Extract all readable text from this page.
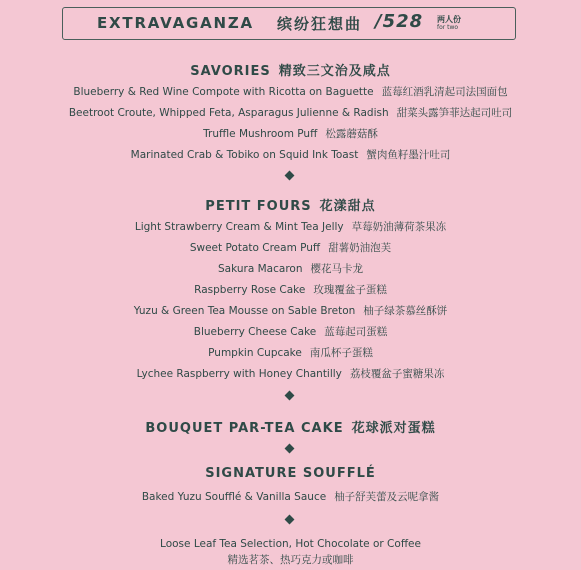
EXTRAVAGANZA 缤纷狂想曲 /528 两人份
for two
SAVORIES 精致三文治及咸点
Blueberry & Red Wine Compote with Ricotta on Baguette 蓝莓红酒乳清起司法国面包
Beetroot Croute, Whipped Feta, Asparagus Julienne & Radish 甜菜头露笋菲达起司吐司
Truffle Mushroom Puff 松露蘑菇酥
Marinated Crab & Tobiko on Squid Ink Toast 蟹肉鱼籽墨汁吐司
PETIT FOURS 花漾甜点
Light Strawberry Cream & Mint Tea Jelly 草莓奶油薄荷茶果冻
Sweet Potato Cream Puff 甜薯奶油泡芙
Sakura Macaron 樱花马卡龙
Raspberry Rose Cake 玫瑰覆盆子蛋糕
Yuzu & Green Tea Mousse on Sable Breton 柚子绿茶慕丝酥饼
Blueberry Cheese Cake 蓝莓起司蛋糕
Pumpkin Cupcake 南瓜杯子蛋糕
Lychee Raspberry with Honey Chantilly 荔枝覆盆子蜜糖果冻
BOUQUET PAR-TEA CAKE 花球派对蛋糕
SIGNATURE SOUFFLÉ
Baked Yuzu Soufflé & Vanilla Sauce 柚子舒芙蕾及云呢拿酱
Loose Leaf Tea Selection, Hot Chocolate or Coffee
精选茗茶、热巧克力或咖啡
